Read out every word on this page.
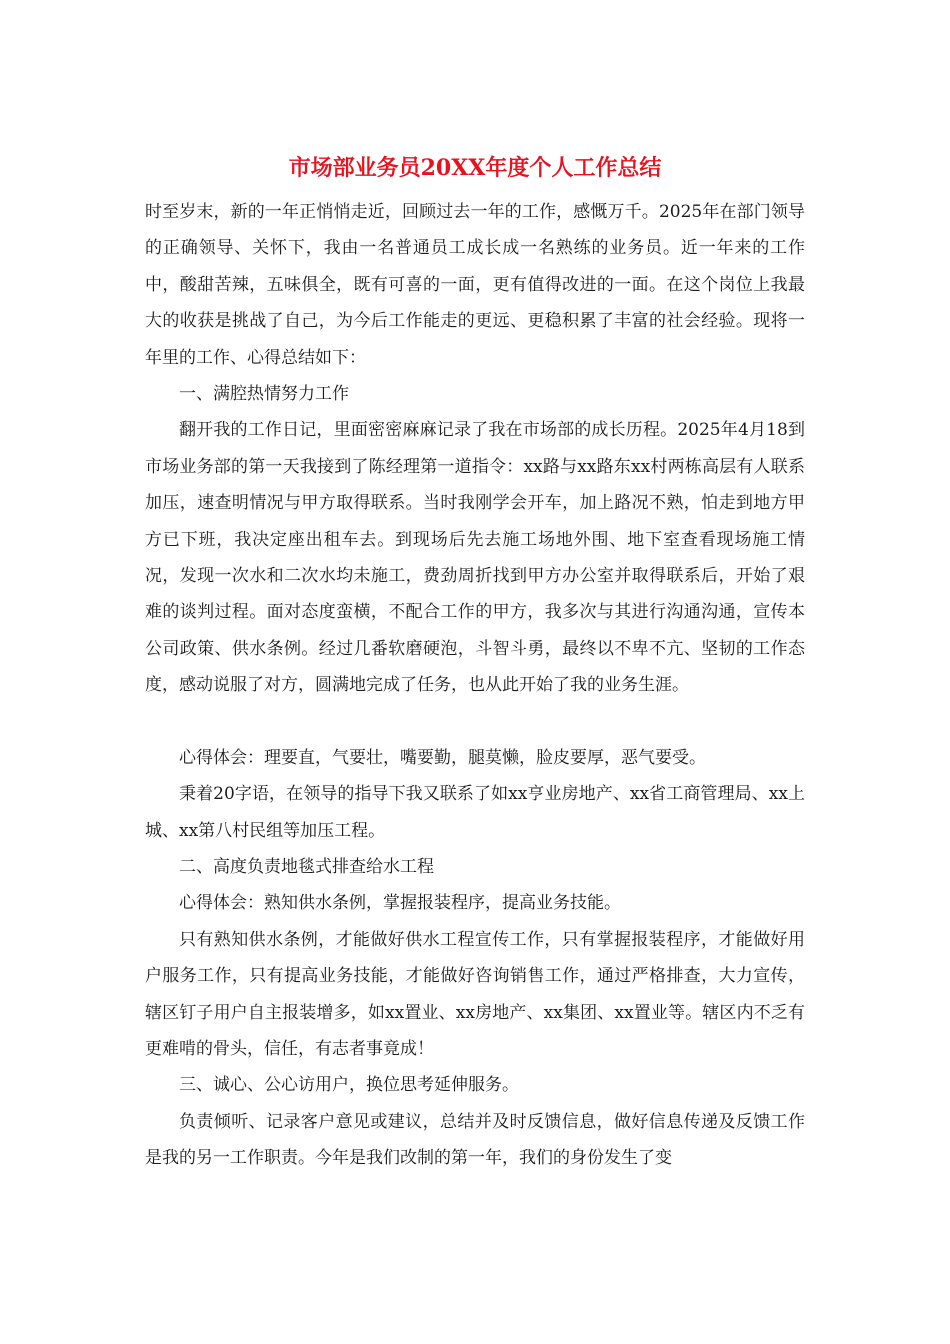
市场部业务员20XX年度个人工作总结

时至岁末，新的一年正悄悄走近，回顾过去一年的工作，感慨万千。2025年在部门领导的正确领导、关怀下，我由一名普通员工成长成一名熟练的业务员。近一年来的工作中，酸甜苦辣，五味俱全，既有可喜的一面，更有值得改进的一面。在这个岗位上我最大的收获是挑战了自己，为今后工作能走的更远、更稳积累了丰富的社会经验。现将一年里的工作、心得总结如下：

一、满腔热情努力工作

翻开我的工作日记，里面密密麻麻记录了我在市场部的成长历程。2025年4月18到市场业务部的第一天我接到了陈经理第一道指令：xx路与xx路东xx村两栋高层有人联系加压，速查明情况与甲方取得联系。当时我刚学会开车，加上路况不熟，怕走到地方甲方已下班，我决定座出租车去。到现场后先去施工场地外围、地下室查看现场施工情况，发现一次水和二次水均未施工，费劲周折找到甲方办公室并取得联系后，开始了艰难的谈判过程。面对态度蛮横，不配合工作的甲方，我多次与其进行沟通沟通，宣传本公司政策、供水条例。经过几番软磨硬泡，斗智斗勇，最终以不卑不亢、坚韧的工作态度，感动说服了对方，圆满地完成了任务，也从此开始了我的业务生涯。

心得体会：理要直，气要壮，嘴要勤，腿莫懒，脸皮要厚，恶气要受。

秉着20字语，在领导的指导下我又联系了如xx亨业房地产、xx省工商管理局、xx上城、xx第八村民组等加压工程。

二、高度负责地毯式排查给水工程

心得体会：熟知供水条例，掌握报装程序，提高业务技能。

只有熟知供水条例，才能做好供水工程宣传工作，只有掌握报装程序，才能做好用户服务工作，只有提高业务技能，才能做好咨询销售工作，通过严格排查，大力宣传，辖区钉子用户自主报装增多，如xx置业、xx房地产、xx集团、xx置业等。辖区内不乏有更难啃的骨头，信任，有志者事竟成！

三、诚心、公心访用户，换位思考延伸服务。

负责倾听、记录客户意见或建议，总结并及时反馈信息，做好信息传递及反馈工作是我的另一工作职责。今年是我们改制的第一年，我们的身份发生了变
